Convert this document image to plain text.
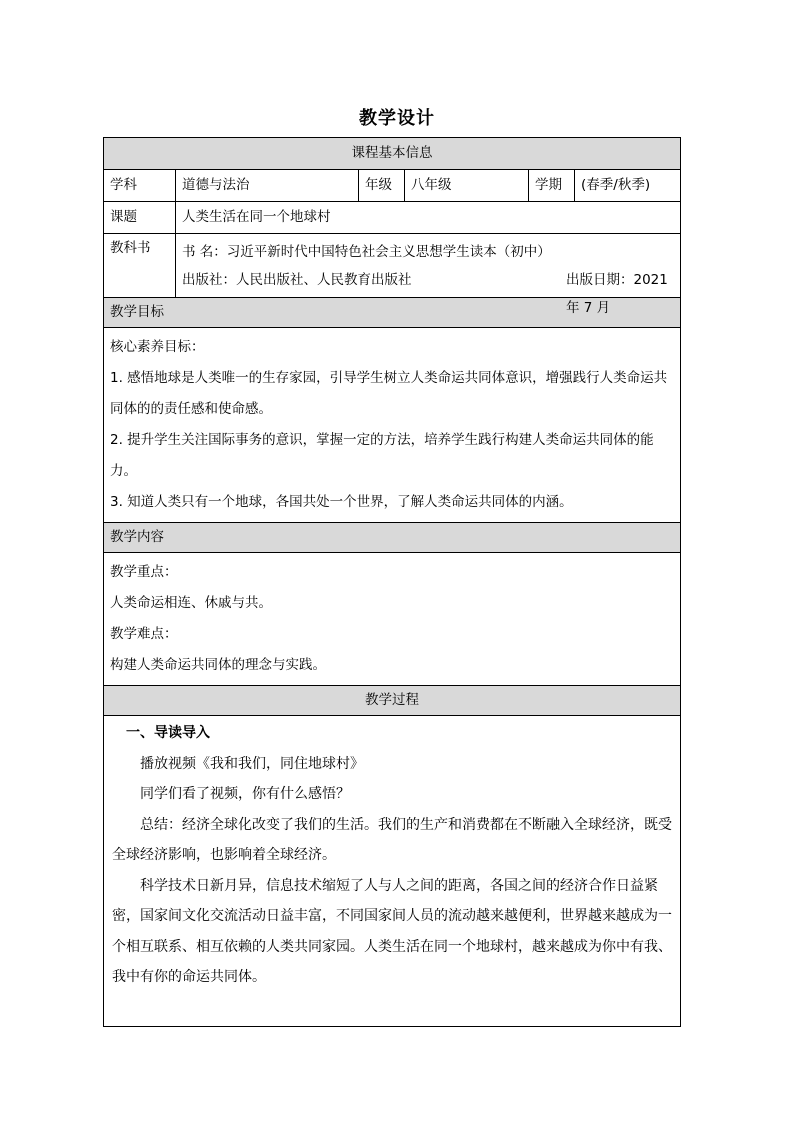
教学设计
课程基本信息					
学科	道德与法治	年级	八年级	学期	(春季/秋季)
课题	人类生活在同一个地球村				
教科书	书 名：习近平新时代中国特色社会主义思想学生读本（初中）
出版社：人民出版社、人民教育出版社 出版日期：2021 年 7 月				

教学目标					

核心素养目标：

1. 感悟地球是人类唯一的生存家园，引导学生树立人类命运共同体意识，增强践行人类命运共同体的的责任感和使命感。

2. 提升学生关注国际事务的意识，掌握一定的方法，培养学生践行构建人类命运共同体的能力。

3. 知道人类只有一个地球，各国共处一个世界，了解人类命运共同体的内涵。					

教学内容					

教学重点：

人类命运相连、休戚与共。

教学难点：

构建人类命运共同体的理念与实践。					

教学过程					

一、导读导入

播放视频《我和我们，同住地球村》

同学们看了视频，你有什么感悟？

总结：经济全球化改变了我们的生活。我们的生产和消费都在不断融入全球经济，既受全球经济影响，也影响着全球经济。

科学技术日新月异，信息技术缩短了人与人之间的距离，各国之间的经济合作日益紧密，国家间文化交流活动日益丰富，不同国家间人员的流动越来越便利，世界越来越成为一个相互联系、相互依赖的人类共同家园。人类生活在同一个地球村，越来越成为你中有我、我中有你的命运共同体。					
